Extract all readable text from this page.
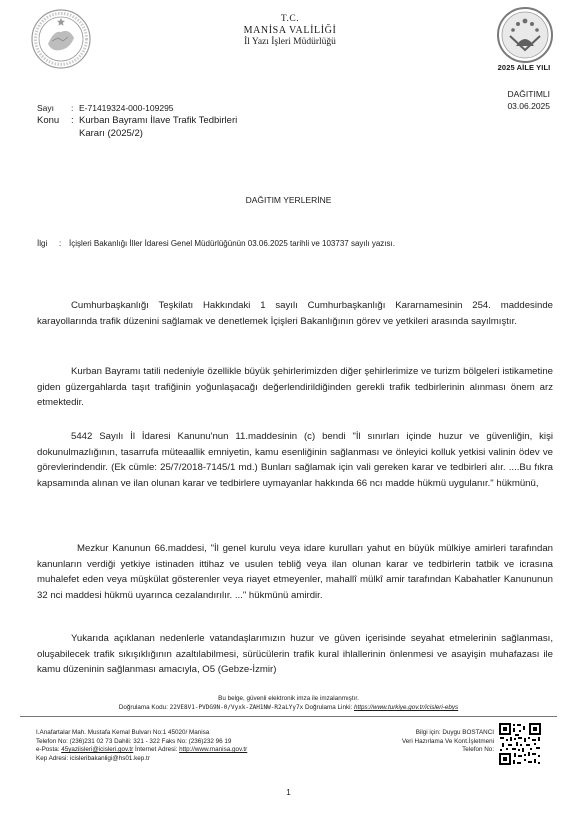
T.C.
MANİSA VALİLİĞİ
İl Yazı İşleri Müdürlüğü
2025 AİLE YILI
DAĞITIMLI
03.06.2025
Sayı : E-71419324-000-109295
Konu : Kurban Bayramı İlave Trafik Tedbirleri
Kararı (2025/2)
DAĞITIM YERLERİNE
İlgi : İçişleri Bakanlığı İller İdaresi Genel Müdürlüğünün 03.06.2025 tarihli ve 103737 sayılı yazısı.

Cumhurbaşkanlığı Teşkilatı Hakkındaki 1 sayılı Cumhurbaşkanlığı Kararnamesinin 254. maddesinde karayollarında trafik düzenini sağlamak ve denetlemek İçişleri Bakanlığının görev ve yetkileri arasında sayılmıştır.

Kurban Bayramı tatili nedeniyle özellikle büyük şehirlerimizden diğer şehirlerimize ve turizm bölgeleri istikametine giden güzergahlarda taşıt trafiğinin yoğunlaşacağı değerlendirildiğinden gerekli trafik tedbirlerinin alınması önem arz etmektedir.

5442 Sayılı İl İdaresi Kanunu'nun 11.maddesinin (c) bendi "İl sınırları içinde huzur ve güvenliğin, kişi dokunulmazlığının, tasarrufa müteaallik emniyetin, kamu esenliğinin sağlanması ve önleyici kolluk yetkisi valinin ödev ve görevlerindendir. (Ek cümle: 25/7/2018-7145/1 md.) Bunları sağlamak için vali gereken karar ve tedbirleri alır. ....Bu fıkra kapsamında alınan ve ilan olunan karar ve tedbirlere uymayanlar hakkında 66 ncı madde hükmü uygulanır." hükmünü,

Mezkur Kanunun 66.maddesi, "İl genel kurulu veya idare kurulları yahut en büyük mülkiye amirleri tarafından kanunların verdiği yetkiye istinaden ittihaz ve usulen tebliğ veya ilan olunan karar ve tedbirlerin tatbik ve icrasına muhalefet eden veya müşkülat gösterenler veya riayet etmeyenler, mahallî mülkî amir tarafından Kabahatler Kanununun 32 nci maddesi hükmü uyarınca cezalandırılır. ..." hükmünü amirdir.

Yukarıda açıklanan nedenlerle vatandaşlarımızın huzur ve güven içerisinde seyahat etmelerinin sağlanması, oluşabilecek trafik sıkışıklığının azaltılabilmesi, sürücülerin trafik kural ihlallerinin önlenmesi ve asayişin muhafazası ile kamu düzeninin sağlanması amacıyla, O5 (Gebze-İzmir)

Bu belge, güvenli elektronik imza ile imzalanmıştır.
Doğrulama Kodu: 22VE8V1-PVDG9N-0/Vyxk-ZAH1NW-R2aLYy7x Doğrulama Linki: https://www.turkiye.gov.tr/icisleri-ebys
I.Anafartalar Mah. Mustafa Kemal Bulvarı No:1 45020/ Manisa
Telefon No: (236)231 02 73 Dahili: 321 - 322 Faks No: (236)232 96 19
e-Posta: 45yaziisleri@icisleri.gov.tr İnternet Adresi: http://www.manisa.gov.tr
Kep Adresi: icisleribakanligi@hs01.kep.tr
Bilgi için: Duygu BOSTANCI
Veri Hazırlama Ve Kont.İşletmeni
Telefon No:
1
